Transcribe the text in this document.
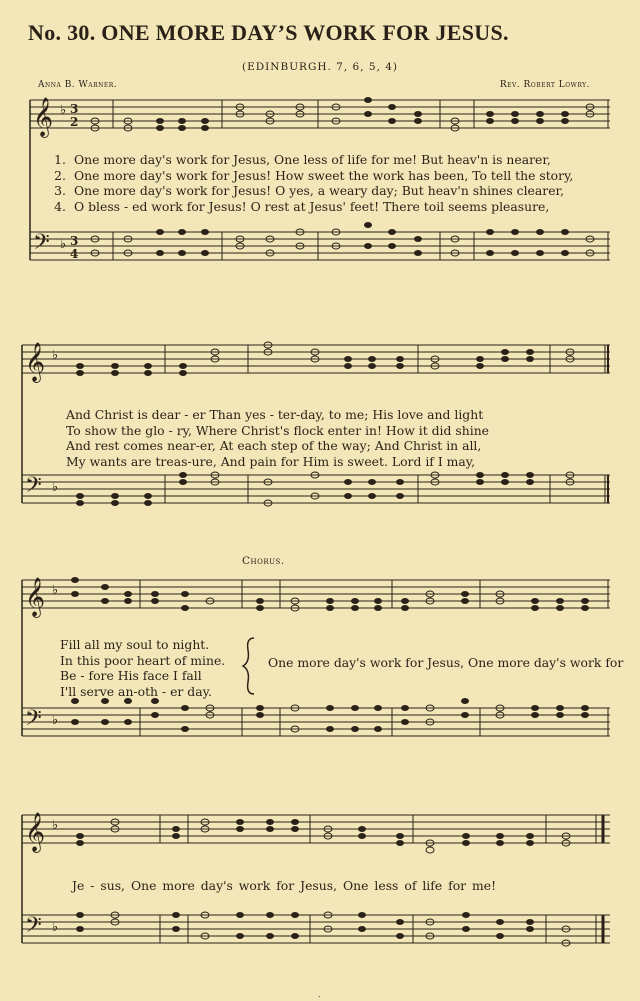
No. 30. ONE MORE DAY’S WORK FOR JESUS.
(EDINBURGH. 7, 6, 5, 4)
Anna B. Warner.	Rev. Robert Lowry.
𝄞
𝄢
♭
♭
3
2
3
4
1. One more day's work for Jesus, One less of life for me! But heav'n is nearer,
2. One more day's work for Jesus! How sweet the work has been, To tell the story,
3. One more day's work for Jesus! O yes, a weary day; But heav'n shines clearer,
4. O bless - ed work for Jesus! O rest at Jesus' feet! There toil seems pleasure,
𝄞
𝄢
♭
♭
And Christ is dear - er Than yes - ter-day, to me; His love and light
To show the glo - ry, Where Christ's flock enter in! How it did shine
And rest comes near-er, At each step of the way; And Christ in all,
My wants are treas-ure, And pain for Him is sweet. Lord if I may,
Chorus.
𝄞
𝄢
♭
♭
Fill all my soul to night.
In this poor heart of mine.
Be - fore His face I fall
I'll serve an-oth - er day.
One more day's work for Jesus, One more day's work for
𝄞
𝄢
♭
♭
Je - sus, One more day's work for Jesus, One less of life for me!
.
